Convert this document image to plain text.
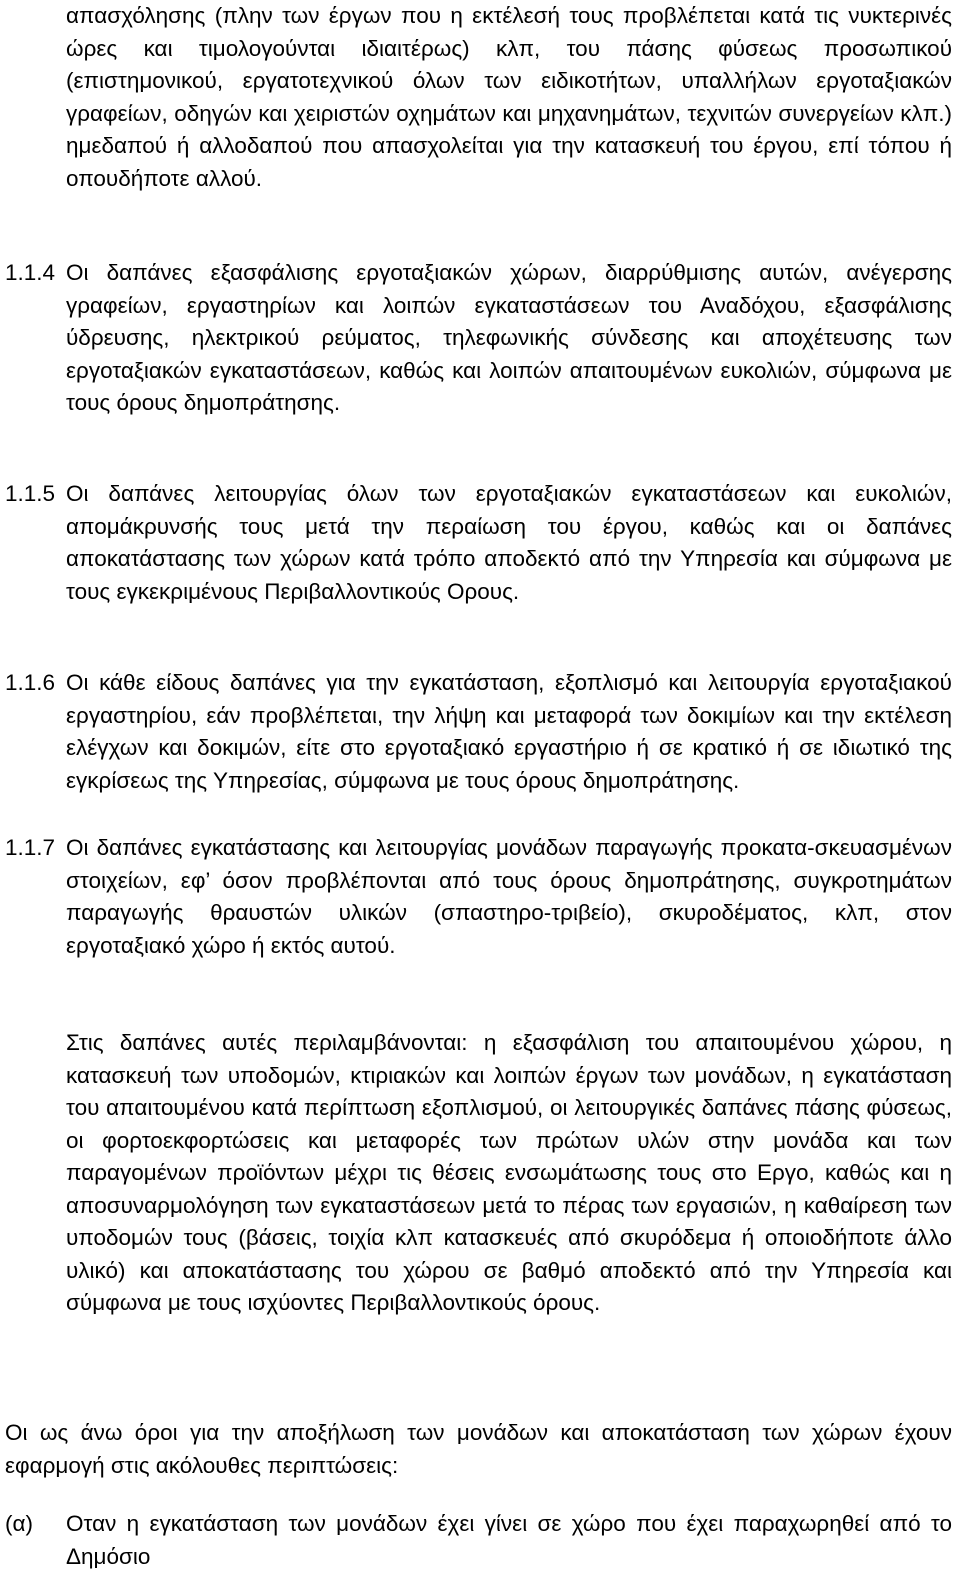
απασχόλησης (πλην των έργων που η εκτέλεσή τους προβλέπεται κατά τις νυκτερινές ώρες και τιμολογούνται ιδιαιτέρως) κλπ, του πάσης φύσεως προσωπικού (επιστημονικού, εργατοτεχνικού όλων των ειδικοτήτων, υπαλλήλων εργοταξιακών γραφείων, οδηγών και χειριστών οχημάτων και μηχανημάτων, τεχνιτών συνεργείων κλπ.) ημεδαπού ή αλλοδαπού που απασχολείται για την κατασκευή του έργου, επί τόπου ή οπουδήποτε αλλού.
1.1.4 Οι δαπάνες εξασφάλισης εργοταξιακών χώρων, διαρρύθμισης αυτών, ανέγερσης γραφείων, εργαστηρίων και λοιπών εγκαταστάσεων του Αναδόχου, εξασφάλισης ύδρευσης, ηλεκτρικού ρεύματος, τηλεφωνικής σύνδεσης και αποχέτευσης των εργοταξιακών εγκαταστάσεων, καθώς και λοιπών απαιτουμένων ευκολιών, σύμφωνα με τους όρους δημοπράτησης.
1.1.5 Οι δαπάνες λειτουργίας όλων των εργοταξιακών εγκαταστάσεων και ευκολιών, απομάκρυνσής τους μετά την περαίωση του έργου, καθώς και οι δαπάνες αποκατάστασης των χώρων κατά τρόπο αποδεκτό από την Υπηρεσία και σύμφωνα με τους εγκεκριμένους Περιβαλλοντικούς Ορους.
1.1.6 Οι κάθε είδους δαπάνες για την εγκατάσταση, εξοπλισμό και λειτουργία εργοταξιακού εργαστηρίου, εάν προβλέπεται, την λήψη και μεταφορά των δοκιμίων και την εκτέλεση ελέγχων και δοκιμών, είτε στο εργοταξιακό εργαστήριο ή σε κρατικό ή σε ιδιωτικό της εγκρίσεως της Υπηρεσίας, σύμφωνα με τους όρους δημοπράτησης.
1.1.7 Οι δαπάνες εγκατάστασης και λειτουργίας μονάδων παραγωγής προκατα-σκευασμένων στοιχείων, εφ’ όσον προβλέπονται από τους όρους δημοπράτησης, συγκροτημάτων παραγωγής θραυστών υλικών (σπαστηρο-τριβείο), σκυροδέματος, κλπ, στον εργοταξιακό χώρο ή εκτός αυτού.
Στις δαπάνες αυτές περιλαμβάνονται: η εξασφάλιση του απαιτουμένου χώρου, η κατασκευή των υποδομών, κτιριακών και λοιπών έργων των μονάδων, η εγκατάσταση του απαιτουμένου κατά περίπτωση εξοπλισμού, οι λειτουργικές δαπάνες πάσης φύσεως, οι φορτοεκφορτώσεις και μεταφορές των πρώτων υλών στην μονάδα και των παραγομένων προϊόντων μέχρι τις θέσεις ενσωμάτωσης τους στο Εργο, καθώς και η αποσυναρμολόγηση των εγκαταστάσεων μετά το πέρας των εργασιών, η καθαίρεση των υποδομών τους (βάσεις, τοιχία κλπ κατασκευές από σκυρόδεμα ή οποιοδήποτε άλλο υλικό) και αποκατάστασης του χώρου σε βαθμό αποδεκτό από την Υπηρεσία και σύμφωνα με τους ισχύοντες Περιβαλλοντικούς όρους.
Οι ως άνω όροι για την αποξήλωση των μονάδων και αποκατάσταση των χώρων έχουν εφαρμογή στις ακόλουθες περιπτώσεις:
(α) Οταν η εγκατάσταση των μονάδων έχει γίνει σε χώρο που έχει παραχωρηθεί από το Δημόσιο
